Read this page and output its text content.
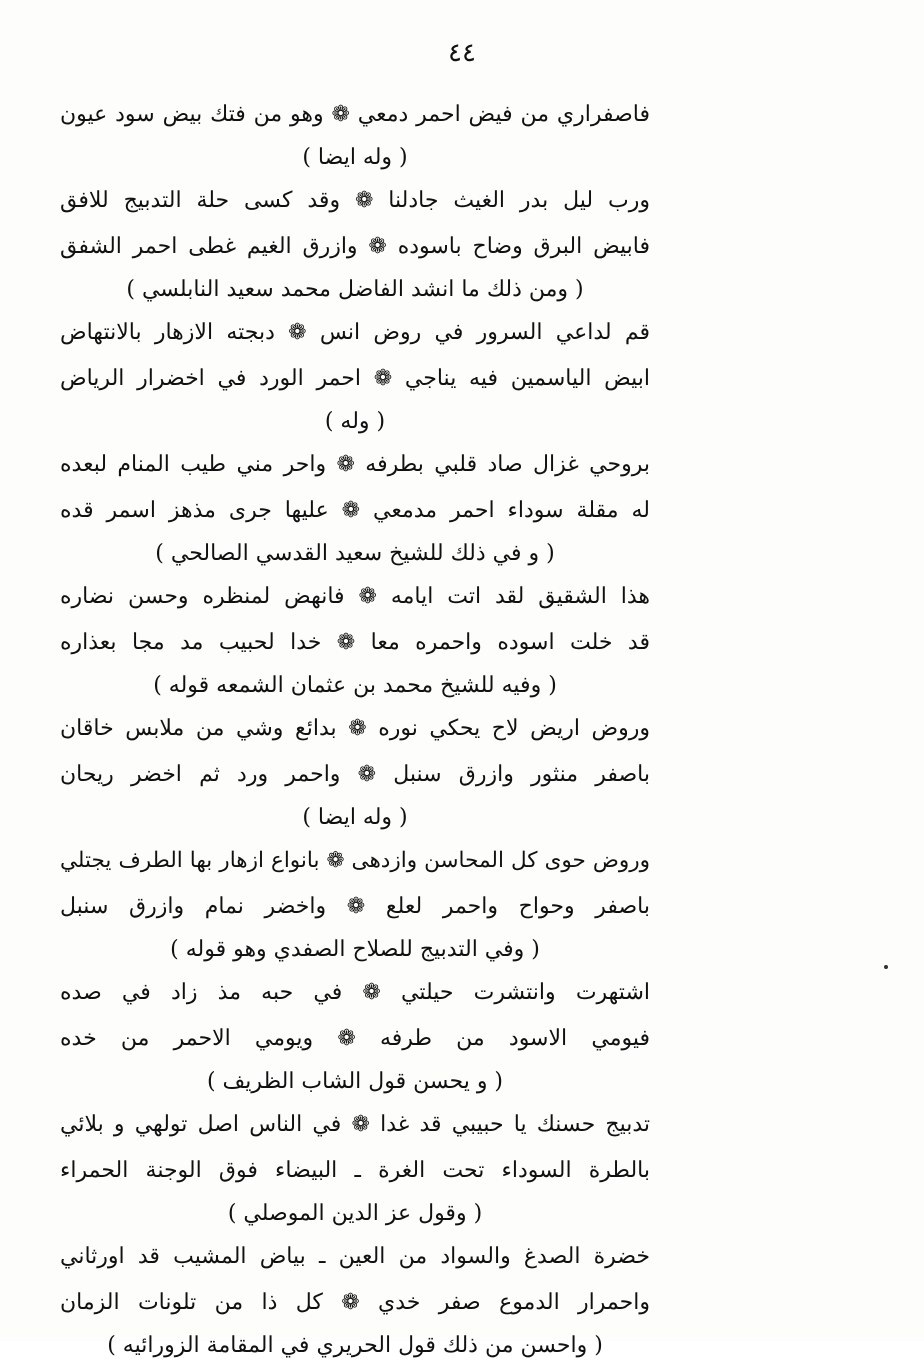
٤٤
فاصفراري من فيض احمر دمعي ❁ وهو من فتك بيض سود عيون
( وله ايضا )
ورب ليل بدر الغيث جادلنا ❁ وقد كسى حلة التدبيج للافق
فابيض البرق وضاح باسوده ❁ وازرق الغيم غطى احمر الشفق
( ومن ذلك ما انشد الفاضل محمد سعيد النابلسي )
قم لداعي السرور في روض انس ❁ دبجته الازهار بالانتهاض
ابيض الياسمين فيه يناجي ❁ احمر الورد في اخضرار الرياض
( وله )
بروحي غزال صاد قلبي بطرفه ❁ واحر مني طيب المنام لبعده
له مقلة سوداء احمر مدمعي ❁ عليها جرى مذهز اسمر قده
( و في ذلك للشيخ سعيد القدسي الصالحي )
هذا الشقيق لقد اتت ايامه ❁ فانهض لمنظره وحسن نضاره
قد خلت اسوده واحمره معا ❁ خدا لحبيب مد مجا بعذاره
( وفيه للشيخ محمد بن عثمان الشمعه قوله )
وروض اريض لاح يحكي نوره ❁ بدائع وشي من ملابس خاقان
باصفر منثور وازرق سنبل ❁ واحمر ورد ثم اخضر ريحان
( وله ايضا )
وروض حوى كل المحاسن وازدهى ❁ بانواع ازهار بها الطرف يجتلي
باصفر وحواح واحمر لعلع ❁ واخضر نمام وازرق سنبل
( وفي التدبيج للصلاح الصفدي وهو قوله )
اشتهرت وانتشرت حيلتي ❁ في حبه مذ زاد في صده
فيومي الاسود من طرفه ❁ ويومي الاحمر من خده
( و يحسن قول الشاب الظريف )
تدبيج حسنك يا حبيبي قد غدا ❁ في الناس اصل تولهي و بلائي
بالطرة السوداء تحت الغرة ـ البيضاء فوق الوجنة الحمراء
( وقول عز الدين الموصلي )
خضرة الصدغ والسواد من العين ـ بياض المشيب قد اورثاني
واحمرار الدموع صفر خدي ❁ كل ذا من تلونات الزمان
( واحسن من ذلك قول الحريري في المقامة الزورائيه )
